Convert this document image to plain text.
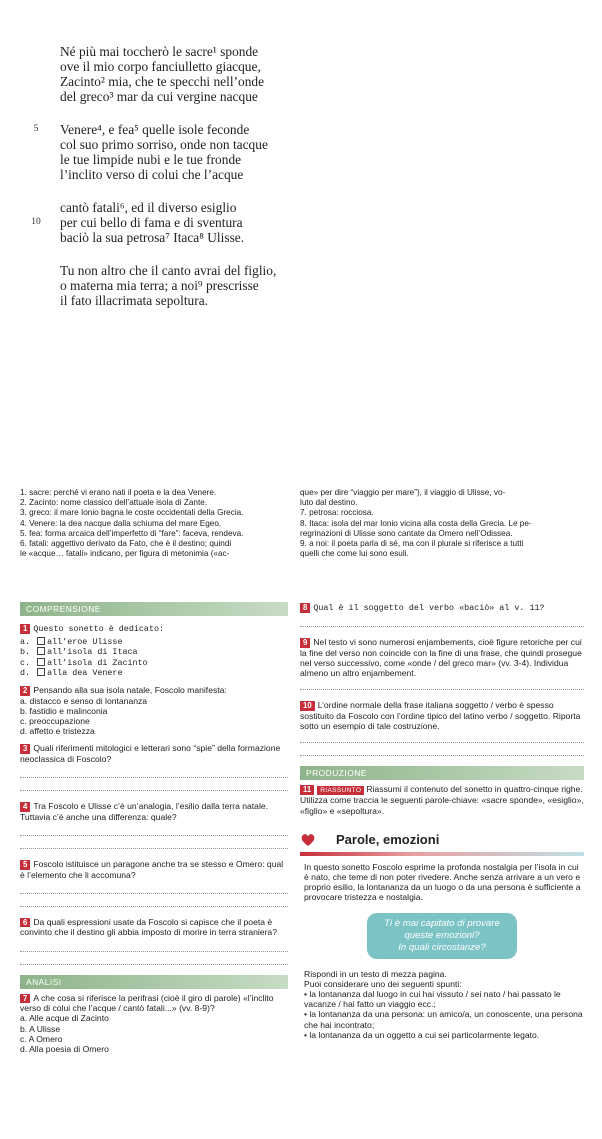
Né più mai toccherò le sacre¹ sponde
ove il mio corpo fanciulletto giacque,
Zacinto² mia, che te specchi nell’onde
del greco³ mar da cui vergine nacque
5	Venere⁴, e fea⁵ quelle isole feconde
col suo primo sorriso, onde non tacque
le tue limpide nubi e le tue fronde
l’inclito verso di colui che l’acque
cantò fatali⁶, ed il diverso esiglio
10	per cui bello di fama e di sventura
baciò la sua petrosa⁷ Itaca⁸ Ulisse.
Tu non altro che il canto avrai del figlio,
o materna mia terra; a noi⁹ prescrisse
il fato illacrimata sepoltura.
1. sacre: perché vi erano nati il poeta e la dea Venere.
2. Zacinto: nome classico dell’attuale isola di Zante.
3. greco: il mare Ionio bagna le coste occidentali della Grecia.
4. Venere: la dea nacque dalla schiuma del mare Egeo.
5. fea: forma arcaica dell’imperfetto di “fare”: faceva, rendeva.
6. fatali: aggettivo derivato da Fato, che è il destino; quindi
le «acque… fatali» indicano, per figura di metonimia («ac-
que» per dire “viaggio per mare”), il viaggio di Ulisse, vo-
luto dal destino.
7. petrosa: rocciosa.
8. Itaca: isola del mar Ionio vicina alla costa della Grecia. Le pe-
regrinazioni di Ulisse sono cantate da Omero nell’Odissea.
9. a noi: il poeta parla di sé, ma con il plurale si riferisce a tutti
quelli che come lui sono esuli.
COMPRENSIONE
1 Questo sonetto è dedicato:
a. all’eroe Ulisse
b. all’isola di Itaca
c. all’isola di Zacinto
d. alla dea Venere
2 Pensando alla sua isola natale, Foscolo manifesta:
a. distacco e senso di lontananza
b. fastidio e malinconia
c. preoccupazione
d. affetto e tristezza
3 Quali riferimenti mitologici e letterari sono “spie” della formazione neoclassica di Foscolo?
4 Tra Foscolo e Ulisse c’è un’analogia, l’esilio dalla terra natale. Tuttavia c’è anche una differenza: quale?
5 Foscolo istituisce un paragone anche tra se stesso e Omero: qual è l’elemento che li accomuna?
6 Da quali espressioni usate da Foscolo si capisce che il poeta è convinto che il destino gli abbia imposto di morire in terra straniera?
ANALISI
7 A che cosa si riferisce la perifrasi (cioè il giro di parole) «l’inclito verso di colui che l’acque / cantò fatali...» (vv. 8-9)?
a. Alle acque di Zacinto
b. A Ulisse
c. A Omero
d. Alla poesia di Omero
8 Qual è il soggetto del verbo «baciò» al v. 11?
9 Nel testo vi sono numerosi enjambements, cioè figure retoriche per cui la fine del verso non coincide con la fine di una frase, che quindi prosegue nel verso successivo, come «onde / del greco mar» (vv. 3-4). Individua almeno un altro enjambement.
10 L’ordine normale della frase italiana soggetto / verbo è spesso sostituito da Foscolo con l’ordine tipico del latino verbo / soggetto. Riporta sotto un esempio di tale costruzione.
PRODUZIONE
11 RIASSUNTO Riassumi il contenuto del sonetto in quattro-cinque righe. Utilizza come traccia le seguenti parole-chiave: «sacre sponde», «esiglio», «figlio» e «sepoltura».
Parole, emozioni
In questo sonetto Foscolo esprime la profonda nostalgia per l’isola in cui è nato, che teme di non poter rivedere. Anche senza arrivare a un vero e proprio esilio, la lontananza da un luogo o da una persona è sufficiente a provocare tristezza e nostalgia.
Ti è mai capitato di provare
queste emozioni?
In quali circostanze?
Rispondi in un testo di mezza pagina.
Puoi considerare uno dei seguenti spunti:
• la lontananza dal luogo in cui hai vissuto / sei nato / hai passato le vacanze / hai fatto un viaggio ecc.;
• la lontananza da una persona: un amico/a, un conoscente, una persona che hai incontrato;
• la lontananza da un oggetto a cui sei particolarmente legato.
